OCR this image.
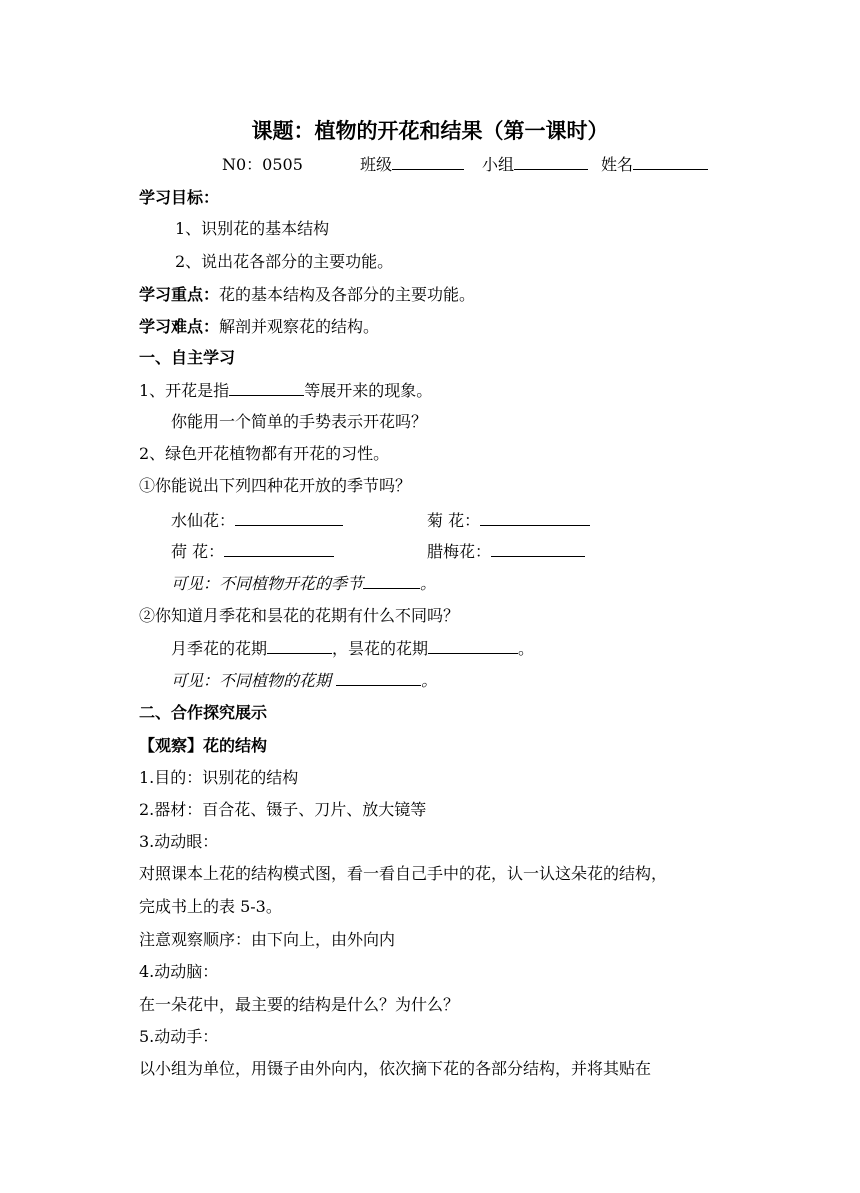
课题：植物的开花和结果（第一课时）
N0：0505	班级	小组	姓名
学习目标：
1、识别花的基本结构
2、说出花各部分的主要功能。
学习重点：花的基本结构及各部分的主要功能。
学习难点：解剖并观察花的结构。
一、自主学习
1、开花是指	等展开来的现象。
你能用一个简单的手势表示开花吗？
2、绿色开花植物都有开花的习性。
①你能说出下列四种花开放的季节吗？
水仙花：	菊 花：
荷 花：	腊梅花：
可见：不同植物开花的季节	。
②你知道月季花和昙花的花期有什么不同吗？
月季花的花期	，昙花的花期	。
可见：不同植物的花期	。
二、合作探究展示
【观察】花的结构
1.目的：识别花的结构
2.器材：百合花、镊子、刀片、放大镜等
3.动动眼：
对照课本上花的结构模式图，看一看自己手中的花，认一认这朵花的结构，
完成书上的表 5-3。
注意观察顺序：由下向上，由外向内
4.动动脑：
在一朵花中，最主要的结构是什么？为什么？
5.动动手：
以小组为单位，用镊子由外向内，依次摘下花的各部分结构，并将其贴在
